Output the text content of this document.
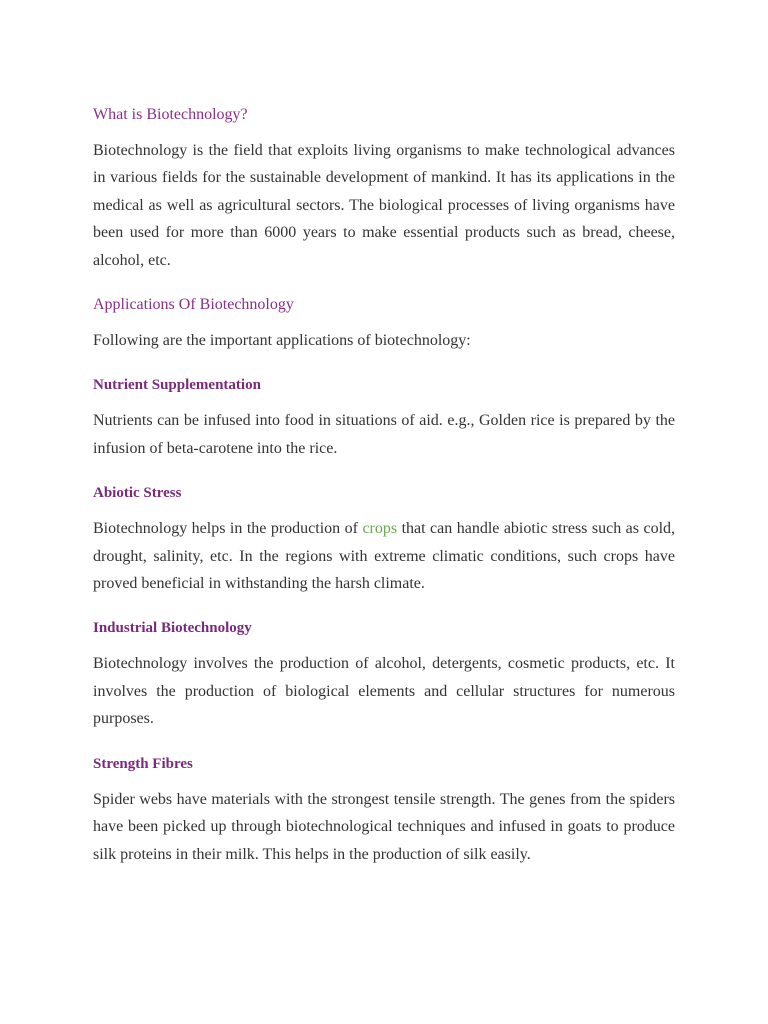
What is Biotechnology?

Biotechnology is the field that exploits living organisms to make technological advances in various fields for the sustainable development of mankind. It has its applications in the medical as well as agricultural sectors. The biological processes of living organisms have been used for more than 6000 years to make essential products such as bread, cheese, alcohol, etc.

Applications Of Biotechnology

Following are the important applications of biotechnology:

Nutrient Supplementation

Nutrients can be infused into food in situations of aid. e.g., Golden rice is prepared by the infusion of beta-carotene into the rice.

Abiotic Stress

Biotechnology helps in the production of crops that can handle abiotic stress such as cold, drought, salinity, etc. In the regions with extreme climatic conditions, such crops have proved beneficial in withstanding the harsh climate.

Industrial Biotechnology

Biotechnology involves the production of alcohol, detergents, cosmetic products, etc. It involves the production of biological elements and cellular structures for numerous purposes.

Strength Fibres

Spider webs have materials with the strongest tensile strength. The genes from the spiders have been picked up through biotechnological techniques and infused in goats to produce silk proteins in their milk. This helps in the production of silk easily.
